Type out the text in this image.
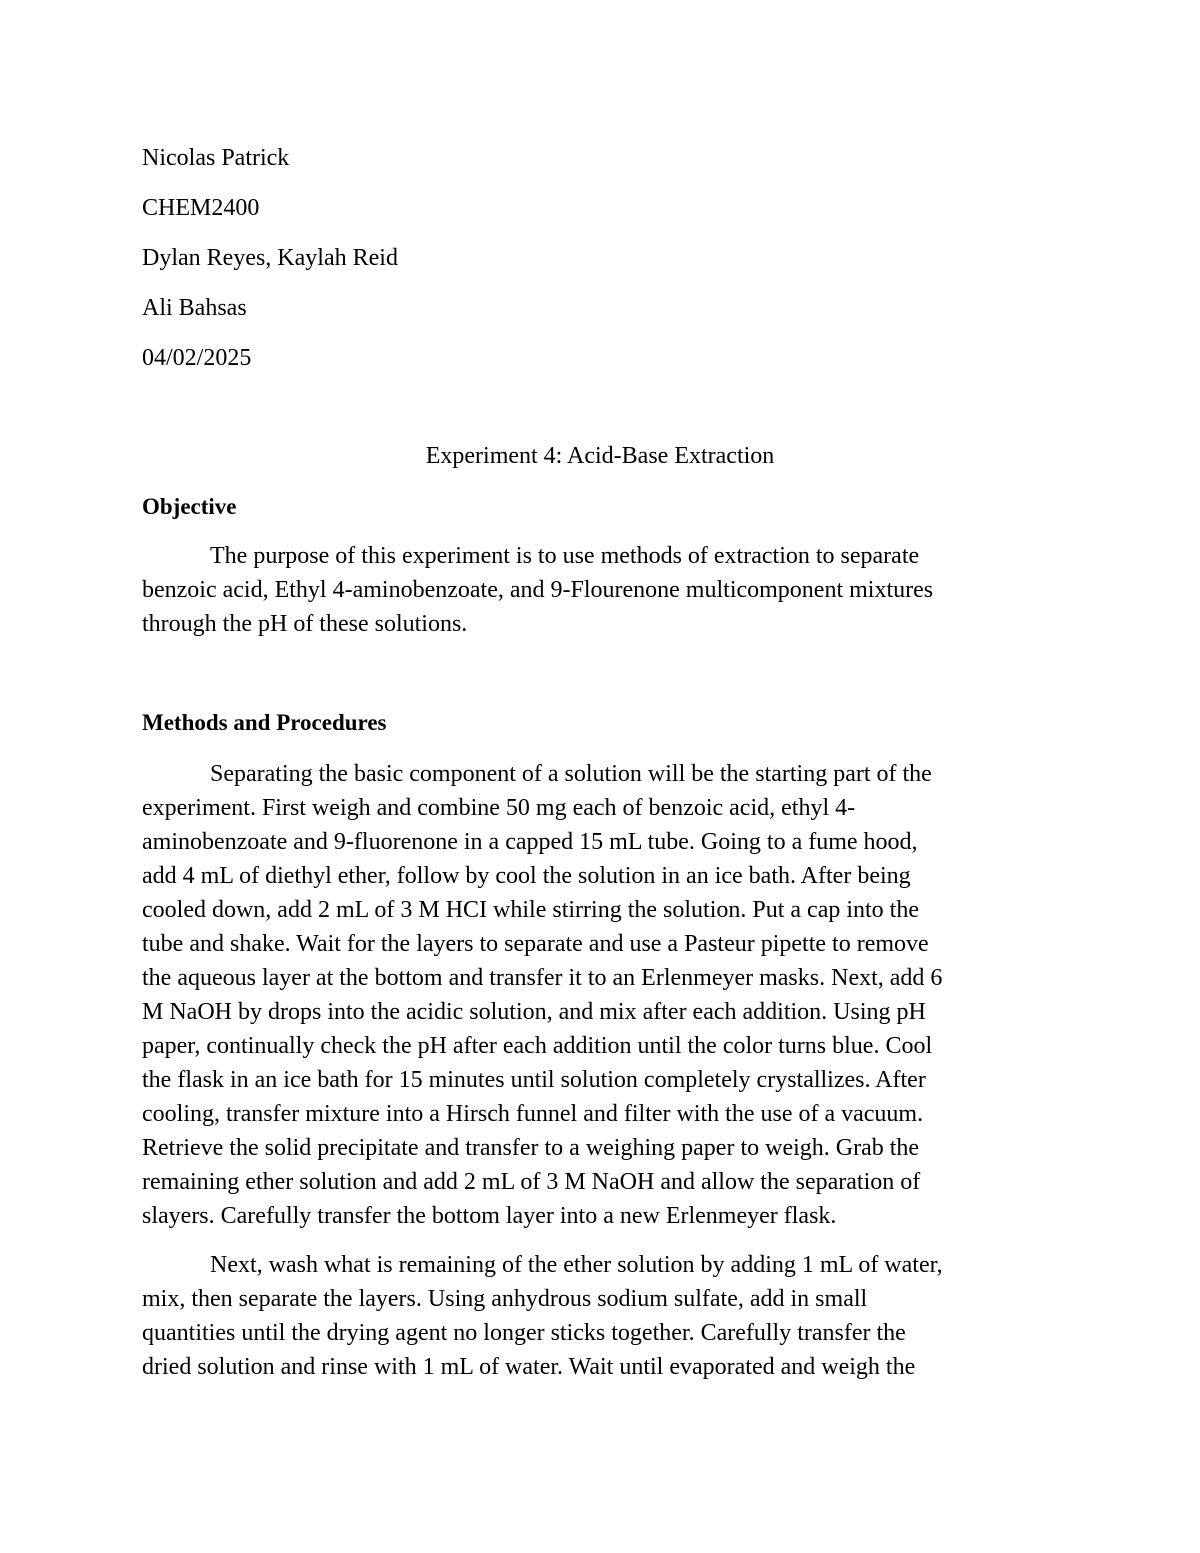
Nicolas Patrick
CHEM2400
Dylan Reyes, Kaylah Reid
Ali Bahsas
04/02/2025
Experiment 4: Acid-Base Extraction
Objective
The purpose of this experiment is to use methods of extraction to separate
benzoic acid, Ethyl 4-aminobenzoate, and 9-Flourenone multicomponent mixtures
through the pH of these solutions.
Methods and Procedures
Separating the basic component of a solution will be the starting part of the
experiment. First weigh and combine 50 mg each of benzoic acid, ethyl 4-
aminobenzoate and 9-fluorenone in a capped 15 mL tube. Going to a fume hood,
add 4 mL of diethyl ether, follow by cool the solution in an ice bath. After being
cooled down, add 2 mL of 3 M HCI while stirring the solution. Put a cap into the
tube and shake. Wait for the layers to separate and use a Pasteur pipette to remove
the aqueous layer at the bottom and transfer it to an Erlenmeyer masks. Next, add 6
M NaOH by drops into the acidic solution, and mix after each addition. Using pH
paper, continually check the pH after each addition until the color turns blue. Cool
the flask in an ice bath for 15 minutes until solution completely crystallizes. After
cooling, transfer mixture into a Hirsch funnel and filter with the use of a vacuum.
Retrieve the solid precipitate and transfer to a weighing paper to weigh. Grab the
remaining ether solution and add 2 mL of 3 M NaOH and allow the separation of
slayers. Carefully transfer the bottom layer into a new Erlenmeyer flask.
Next, wash what is remaining of the ether solution by adding 1 mL of water,
mix, then separate the layers. Using anhydrous sodium sulfate, add in small
quantities until the drying agent no longer sticks together. Carefully transfer the
dried solution and rinse with 1 mL of water. Wait until evaporated and weigh the
